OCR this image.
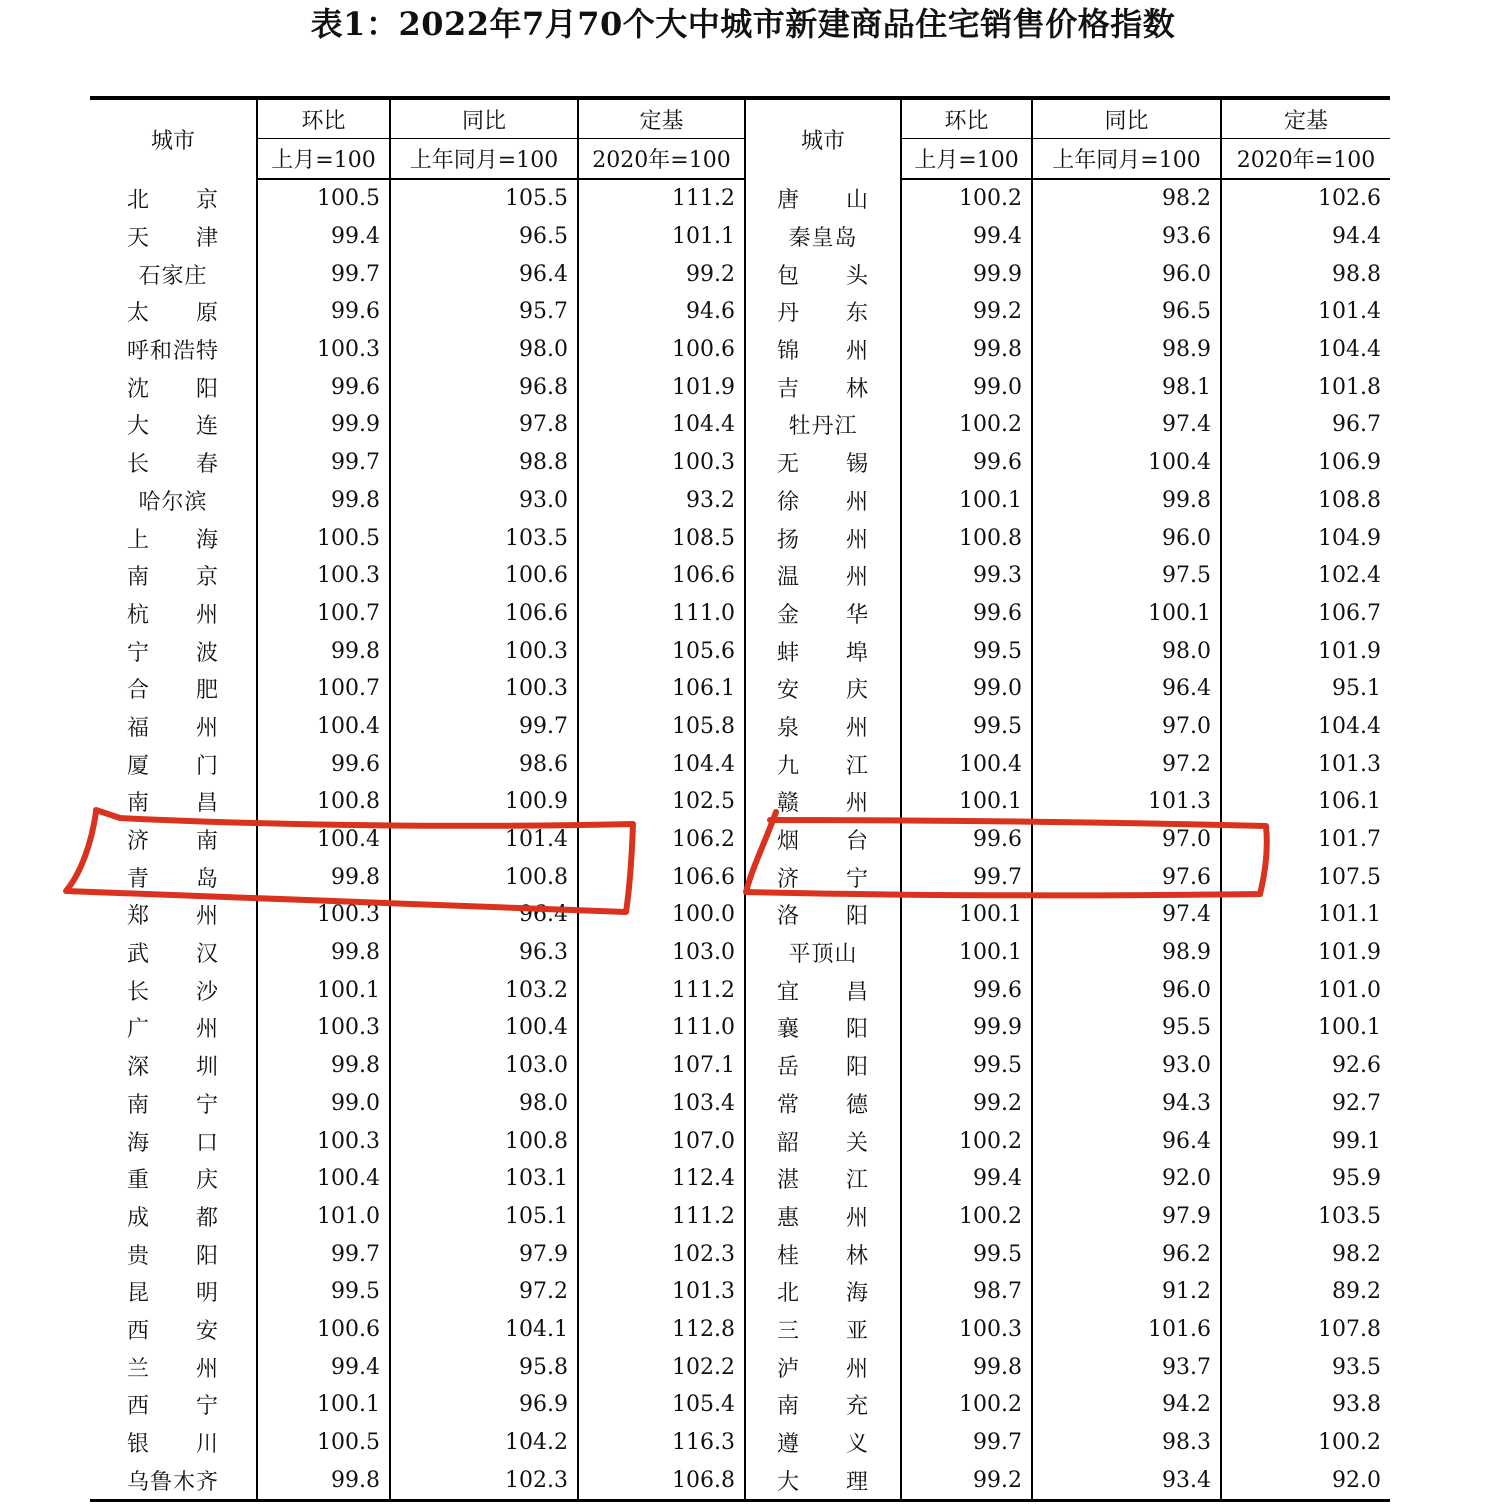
表1：2022年7月70个大中城市新建商品住宅销售价格指数
城市	环比	同比	定基	城市	环比	同比	定基
	上月=100	上年同月=100	2020年=100		上月=100	上年同月=100	2020年=100
北　　京	100.5	105.5	111.2	唐　　山	100.2	98.2	102.6
天　　津	99.4	96.5	101.1	秦皇岛	99.4	93.6	94.4
石家庄	99.7	96.4	99.2	包　　头	99.9	96.0	98.8
太　　原	99.6	95.7	94.6	丹　　东	99.2	96.5	101.4
呼和浩特	100.3	98.0	100.6	锦　　州	99.8	98.9	104.4
沈　　阳	99.6	96.8	101.9	吉　　林	99.0	98.1	101.8
大　　连	99.9	97.8	104.4	牡丹江	100.2	97.4	96.7
长　　春	99.7	98.8	100.3	无　　锡	99.6	100.4	106.9
哈尔滨	99.8	93.0	93.2	徐　　州	100.1	99.8	108.8
上　　海	100.5	103.5	108.5	扬　　州	100.8	96.0	104.9
南　　京	100.3	100.6	106.6	温　　州	99.3	97.5	102.4
杭　　州	100.7	106.6	111.0	金　　华	99.6	100.1	106.7
宁　　波	99.8	100.3	105.6	蚌　　埠	99.5	98.0	101.9
合　　肥	100.7	100.3	106.1	安　　庆	99.0	96.4	95.1
福　　州	100.4	99.7	105.8	泉　　州	99.5	97.0	104.4
厦　　门	99.6	98.6	104.4	九　　江	100.4	97.2	101.3
南　　昌	100.8	100.9	102.5	赣　　州	100.1	101.3	106.1
济　　南	100.4	101.4	106.2	烟　　台	99.6	97.0	101.7
青　　岛	99.8	100.8	106.6	济　　宁	99.7	97.6	107.5
郑　　州	100.3	96.4	100.0	洛　　阳	100.1	97.4	101.1
武　　汉	99.8	96.3	103.0	平顶山	100.1	98.9	101.9
长　　沙	100.1	103.2	111.2	宜　　昌	99.6	96.0	101.0
广　　州	100.3	100.4	111.0	襄　　阳	99.9	95.5	100.1
深　　圳	99.8	103.0	107.1	岳　　阳	99.5	93.0	92.6
南　　宁	99.0	98.0	103.4	常　　德	99.2	94.3	92.7
海　　口	100.3	100.8	107.0	韶　　关	100.2	96.4	99.1
重　　庆	100.4	103.1	112.4	湛　　江	99.4	92.0	95.9
成　　都	101.0	105.1	111.2	惠　　州	100.2	97.9	103.5
贵　　阳	99.7	97.9	102.3	桂　　林	99.5	96.2	98.2
昆　　明	99.5	97.2	101.3	北　　海	98.7	91.2	89.2
西　　安	100.6	104.1	112.8	三　　亚	100.3	101.6	107.8
兰　　州	99.4	95.8	102.2	泸　　州	99.8	93.7	93.5
西　　宁	100.1	96.9	105.4	南　　充	100.2	94.2	93.8
银　　川	100.5	104.2	116.3	遵　　义	99.7	98.3	100.2
乌鲁木齐	99.8	102.3	106.8	大　　理	99.2	93.4	92.0
